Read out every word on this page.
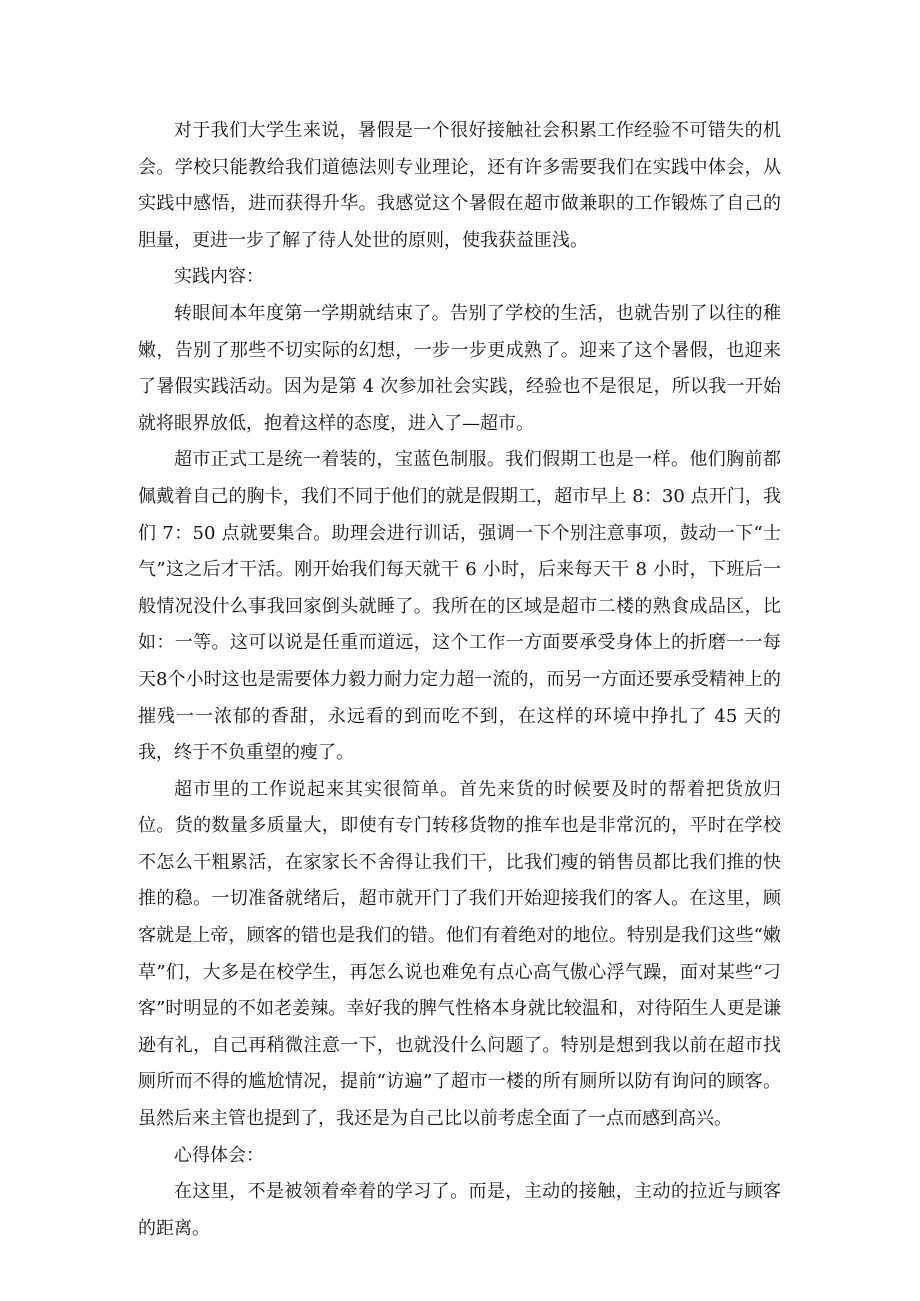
对于我们大学生来说，暑假是一个很好接触社会积累工作经验不可错失的机会。学校只能教给我们道德法则专业理论，还有许多需要我们在实践中体会，从实践中感悟，进而获得升华。我感觉这个暑假在超市做兼职的工作锻炼了自己的胆量，更进一步了解了待人处世的原则，使我获益匪浅。

实践内容：

转眼间本年度第一学期就结束了。告别了学校的生活，也就告别了以往的稚嫩，告别了那些不切实际的幻想，一步一步更成熟了。迎来了这个暑假，也迎来了暑假实践活动。因为是第 4 次参加社会实践，经验也不是很足，所以我一开始就将眼界放低，抱着这样的态度，进入了—超市。

超市正式工是统一着装的，宝蓝色制服。我们假期工也是一样。他们胸前都佩戴着自己的胸卡，我们不同于他们的就是假期工，超市早上 8：30 点开门，我们 7：50 点就要集合。助理会进行训话，强调一下个别注意事项，鼓动一下“士气”这之后才干活。刚开始我们每天就干 6 小时，后来每天干 8 小时，下班后一般情况没什么事我回家倒头就睡了。我所在的区域是超市二楼的熟食成品区，比如：一等。这可以说是任重而道远，这个工作一方面要承受身体上的折磨一一每天8个小时这也是需要体力毅力耐力定力超一流的，而另一方面还要承受精神上的摧残一一浓郁的香甜，永远看的到而吃不到，在这样的环境中挣扎了 45 天的我，终于不负重望的瘦了。

超市里的工作说起来其实很简单。首先来货的时候要及时的帮着把货放归位。货的数量多质量大，即使有专门转移货物的推车也是非常沉的，平时在学校不怎么干粗累活，在家家长不舍得让我们干，比我们瘦的销售员都比我们推的快推的稳。一切准备就绪后，超市就开门了我们开始迎接我们的客人。在这里，顾客就是上帝，顾客的错也是我们的错。他们有着绝对的地位。特别是我们这些“嫩草”们，大多是在校学生，再怎么说也难免有点心高气傲心浮气躁，面对某些“刁客”时明显的不如老姜辣。幸好我的脾气性格本身就比较温和，对待陌生人更是谦逊有礼，自己再稍微注意一下，也就没什么问题了。特别是想到我以前在超市找厕所而不得的尴尬情况，提前“访遍”了超市一楼的所有厕所以防有询问的顾客。虽然后来主管也提到了，我还是为自己比以前考虑全面了一点而感到高兴。

心得体会：

在这里，不是被领着牵着的学习了。而是，主动的接触，主动的拉近与顾客的距离。
